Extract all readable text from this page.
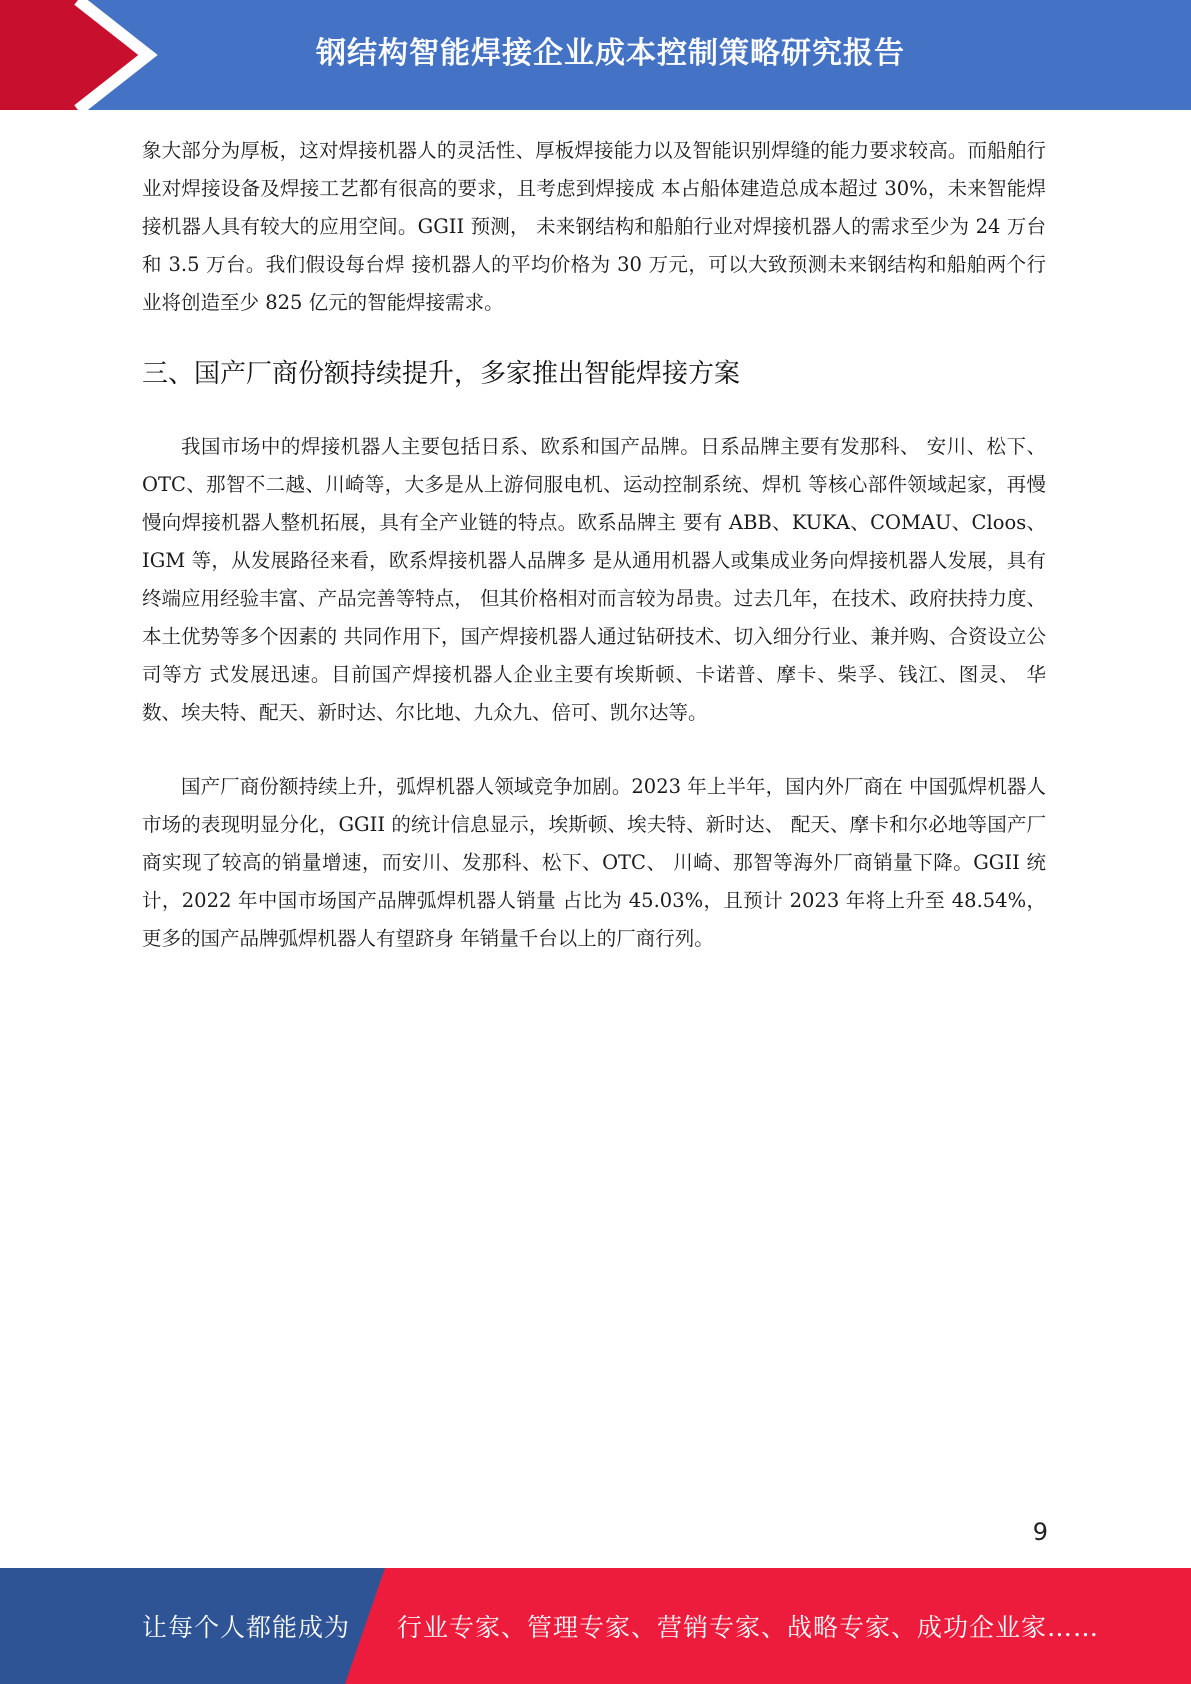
钢结构智能焊接企业成本控制策略研究报告

象大部分为厚板，这对焊接机器人的灵活性、厚板焊接能力以及智能识别焊缝的能力要求较高。而船舶行业对焊接设备及焊接工艺都有很高的要求，且考虑到焊接成 本占船体建造总成本超过 30%，未来智能焊接机器人具有较大的应用空间。GGII 预测， 未来钢结构和船舶行业对焊接机器人的需求至少为 24 万台和 3.5 万台。我们假设每台焊 接机器人的平均价格为 30 万元，可以大致预测未来钢结构和船舶两个行业将创造至少 825 亿元的智能焊接需求。

三、国产厂商份额持续提升，多家推出智能焊接方案

我国市场中的焊接机器人主要包括日系、欧系和国产品牌。日系品牌主要有发那科、 安川、松下、OTC、那智不二越、川崎等，大多是从上游伺服电机、运动控制系统、焊机 等核心部件领域起家，再慢慢向焊接机器人整机拓展，具有全产业链的特点。欧系品牌主 要有 ABB、KUKA、COMAU、Cloos、IGM 等，从发展路径来看，欧系焊接机器人品牌多 是从通用机器人或集成业务向焊接机器人发展，具有终端应用经验丰富、产品完善等特点， 但其价格相对而言较为昂贵。过去几年，在技术、政府扶持力度、本土优势等多个因素的 共同作用下，国产焊接机器人通过钻研技术、切入细分行业、兼并购、合资设立公司等方 式发展迅速。目前国产焊接机器人企业主要有埃斯顿、卡诺普、摩卡、柴孚、钱江、图灵、 华数、埃夫特、配天、新时达、尔比地、九众九、倍可、凯尔达等。

国产厂商份额持续上升，弧焊机器人领域竞争加剧。2023 年上半年，国内外厂商在 中国弧焊机器人市场的表现明显分化，GGII 的统计信息显示，埃斯顿、埃夫特、新时达、 配天、摩卡和尔必地等国产厂商实现了较高的销量增速，而安川、发那科、松下、OTC、 川崎、那智等海外厂商销量下降。GGII 统计，2022 年中国市场国产品牌弧焊机器人销量 占比为 45.03%，且预计 2023 年将上升至 48.54%，更多的国产品牌弧焊机器人有望跻身 年销量千台以上的厂商行列。

9
让每个人都能成为 行业专家、管理专家、营销专家、战略专家、成功企业家……
